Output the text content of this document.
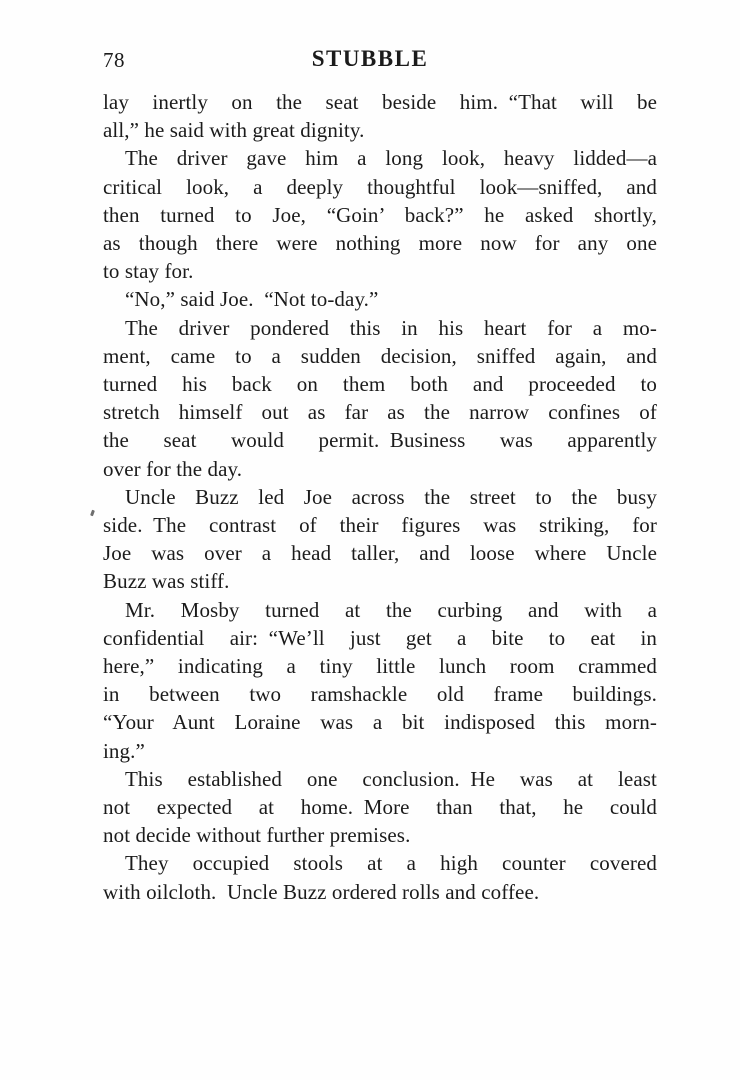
78	STUBBLE
lay inertly on the seat beside him. “That will be
all,” he said with great dignity.
The driver gave him a long look, heavy lidded—a
critical look, a deeply thoughtful look—sniffed, and
then turned to Joe, “Goin’ back?” he asked shortly,
as though there were nothing more now for any one
to stay for.
“No,” said Joe. “Not to-day.”
The driver pondered this in his heart for a mo-
ment, came to a sudden decision, sniffed again, and
turned his back on them both and proceeded to
stretch himself out as far as the narrow confines of
the seat would permit. Business was apparently
over for the day.
Uncle Buzz led Joe across the street to the busy
side. The contrast of their figures was striking, for
Joe was over a head taller, and loose where Uncle
Buzz was stiff.
Mr. Mosby turned at the curbing and with a
confidential air: “We’ll just get a bite to eat in
here,” indicating a tiny little lunch room crammed
in between two ramshackle old frame buildings.
“Your Aunt Loraine was a bit indisposed this morn-
ing.”
This established one conclusion. He was at least
not expected at home. More than that, he could
not decide without further premises.
They occupied stools at a high counter covered
with oilcloth. Uncle Buzz ordered rolls and coffee.
